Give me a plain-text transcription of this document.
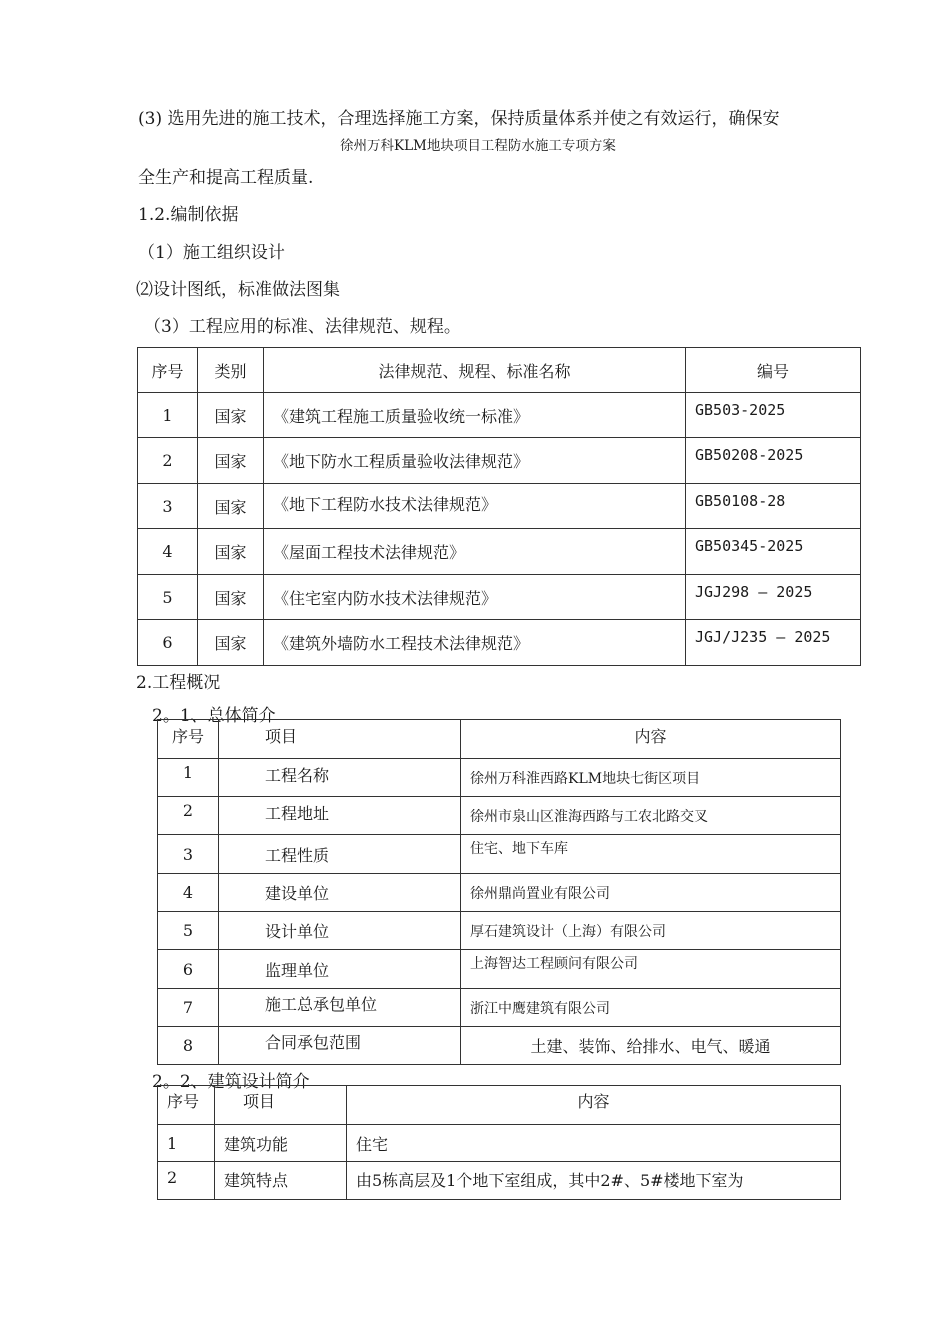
(3) 选用先进的施工技术，合理选择施工方案，保持质量体系并使之有效运行，确保安
徐州万科KLM地块项目工程防水施工专项方案
全生产和提高工程质量.
1.2.编制依据
（1）施工组织设计
⑵设计图纸，标准做法图集
（3）工程应用的标准、法律规范、规程。
序号	类别	法律规范、规程、标准名称	编号
1	国家	《建筑工程施工质量验收统一标准》	GB503-2025
2	国家	《地下防水工程质量验收法律规范》	GB50208-2025
3	国家	《地下工程防水技术法律规范》	GB50108-28
4	国家	《屋面工程技术法律规范》	GB50345-2025
5	国家	《住宅室内防水技术法律规范》	JGJ298 — 2025
6	国家	《建筑外墙防水工程技术法律规范》	JGJ/J235 — 2025
2.工程概况
2。1、总体简介
序号	项目	内容
1	工程名称	徐州万科淮西路KLM地块七街区项目
2	工程地址	徐州市泉山区淮海西路与工农北路交叉
3	工程性质	住宅、地下车库
4	建设单位	徐州鼎尚置业有限公司
5	设计单位	厚石建筑设计（上海）有限公司
6	监理单位	上海智达工程顾问有限公司
7	施工总承包单位	浙江中鹰建筑有限公司
8	合同承包范围	土建、装饰、给排水、电气、暖通
2。2、建筑设计简介
序号	项目	内容
1	建筑功能	住宅
2	建筑特点	由5栋高层及1个地下室组成，其中2#、5#楼地下室为
